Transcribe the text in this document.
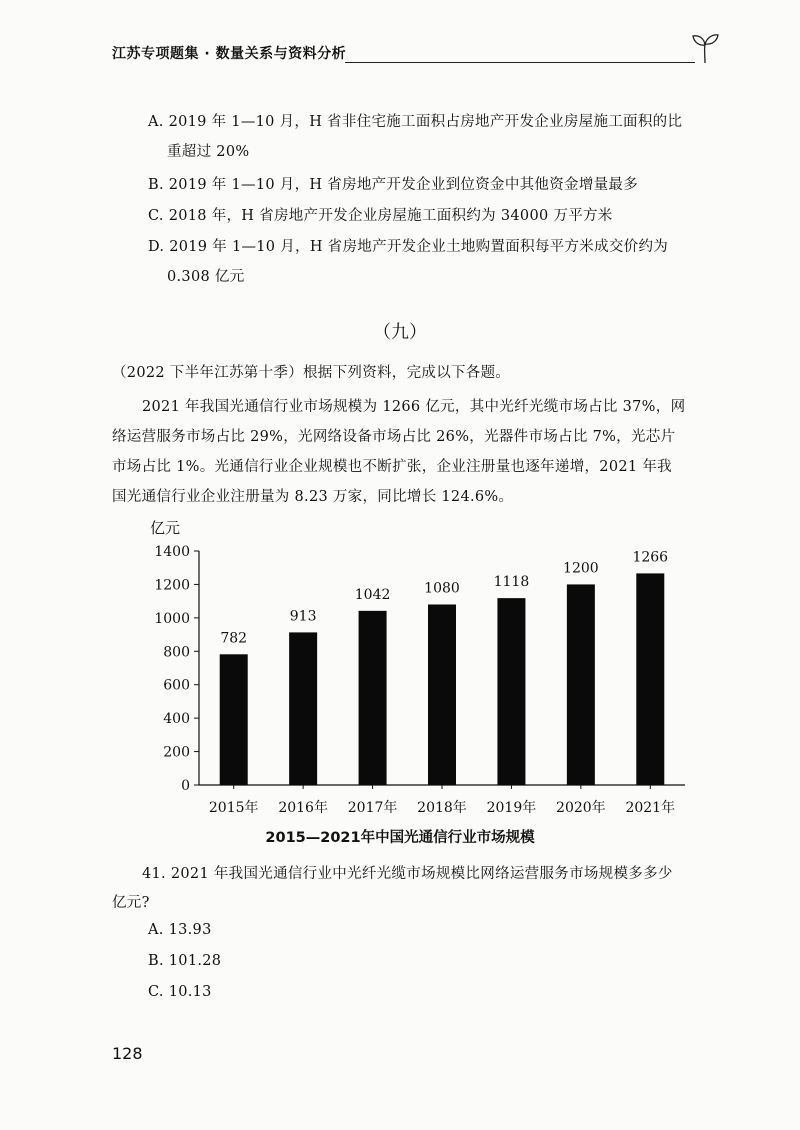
江苏专项题集 · 数量关系与资料分析
A. 2019 年 1—10 月，H 省非住宅施工面积占房地产开发企业房屋施工面积的比
重超过 20%
B. 2019 年 1—10 月，H 省房地产开发企业到位资金中其他资金增量最多
C. 2018 年，H 省房地产开发企业房屋施工面积约为 34000 万平方米
D. 2019 年 1—10 月，H 省房地产开发企业土地购置面积每平方米成交价约为
0.308 亿元
（九）
（2022 下半年江苏第十季）根据下列资料，完成以下各题。
2021 年我国光通信行业市场规模为 1266 亿元，其中光纤光缆市场占比 37%，网
络运营服务市场占比 29%，光网络设备市场占比 26%，光器件市场占比 7%，光芯片
市场占比 1%。光通信行业企业规模也不断扩张，企业注册量也逐年递增，2021 年我
国光通信行业企业注册量为 8.23 万家，同比增长 124.6%。
亿元
0
200
400
600
800
1000
1200
1400
782
2015年
913
2016年
1042
2017年
1080
2018年
1118
2019年
1200
2020年
1266
2021年
2015—2021年中国光通信行业市场规模
41. 2021 年我国光通信行业中光纤光缆市场规模比网络运营服务市场规模多多少
亿元?
A. 13.93
B. 101.28
C. 10.13
128
